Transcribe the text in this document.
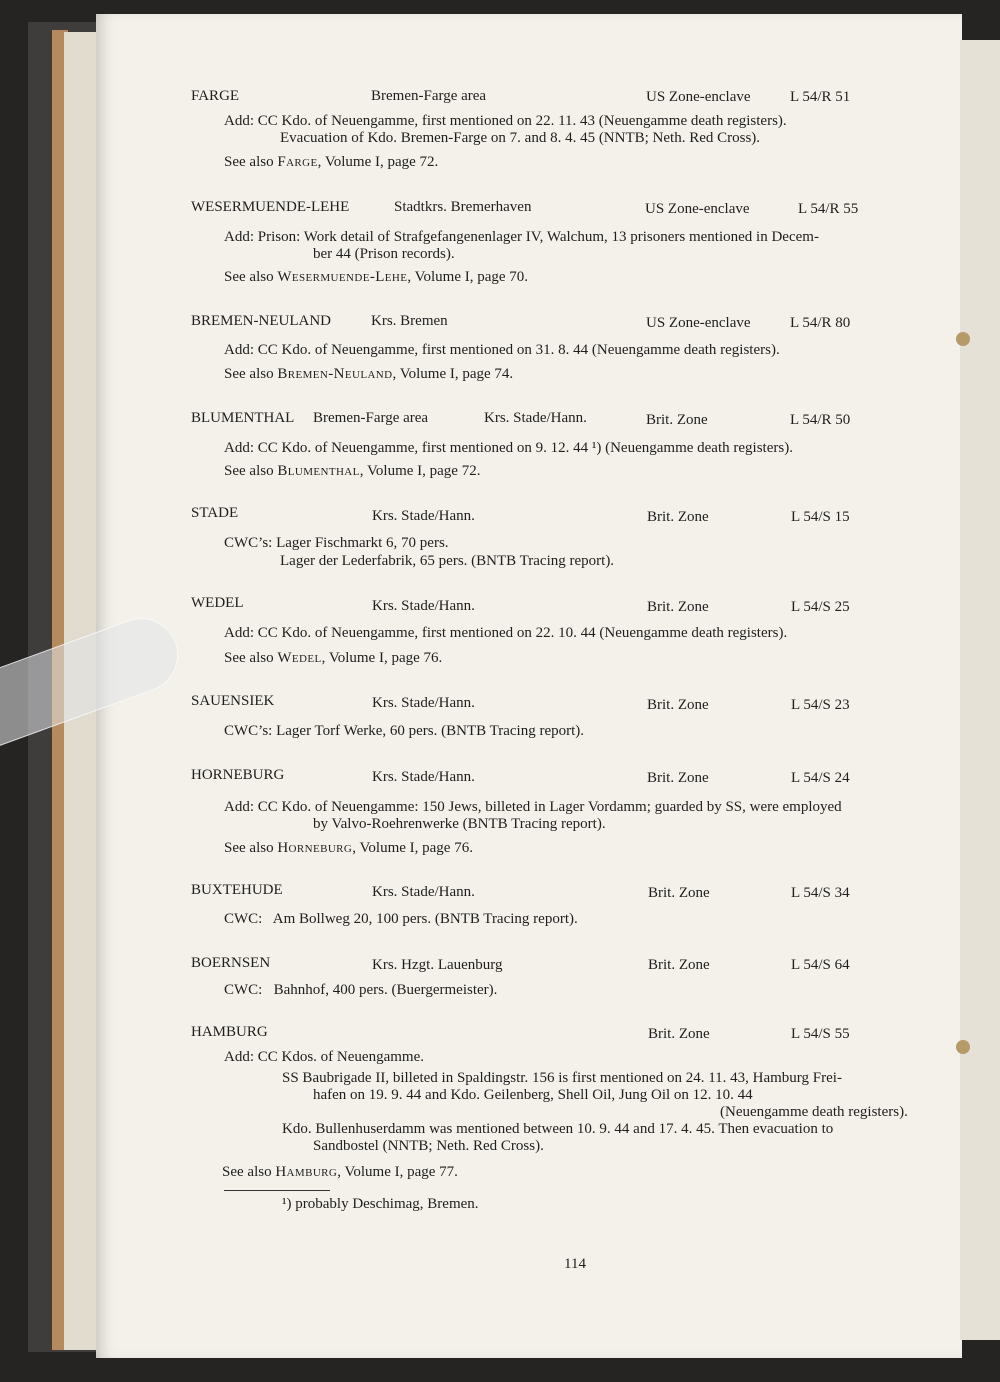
FARGE	Bremen-Farge area	US Zone-enclave	L 54/R 51
Add: CC Kdo. of Neuengamme, first mentioned on 22. 11. 43 (Neuengamme death registers).
Evacuation of Kdo. Bremen-Farge on 7. and 8. 4. 45 (NNTB; Neth. Red Cross).
See also Farge, Volume I, page 72.
WESERMUENDE-LEHE	Stadtkrs. Bremerhaven	US Zone-enclave	L 54/R 55
Add: Prison: Work detail of Strafgefangenenlager IV, Walchum, 13 prisoners mentioned in Decem-
ber 44 (Prison records).
See also Wesermuende-Lehe, Volume I, page 70.
BREMEN-NEULAND	Krs. Bremen	US Zone-enclave	L 54/R 80
Add: CC Kdo. of Neuengamme, first mentioned on 31. 8. 44 (Neuengamme death registers).
See also Bremen-Neuland, Volume I, page 74.
BLUMENTHAL Bremen-Farge area	Krs. Stade/Hann.	Brit. Zone	L 54/R 50
Add: CC Kdo. of Neuengamme, first mentioned on 9. 12. 44 ¹) (Neuengamme death registers).
See also Blumenthal, Volume I, page 72.
STADE	Krs. Stade/Hann.	Brit. Zone	L 54/S 15
CWC’s: Lager Fischmarkt 6, 70 pers.
Lager der Lederfabrik, 65 pers. (BNTB Tracing report).
WEDEL	Krs. Stade/Hann.	Brit. Zone	L 54/S 25
Add: CC Kdo. of Neuengamme, first mentioned on 22. 10. 44 (Neuengamme death registers).
See also Wedel, Volume I, page 76.
SAUENSIEK	Krs. Stade/Hann.	Brit. Zone	L 54/S 23
CWC’s: Lager Torf Werke, 60 pers. (BNTB Tracing report).
HORNEBURG	Krs. Stade/Hann.	Brit. Zone	L 54/S 24
Add: CC Kdo. of Neuengamme: 150 Jews, billeted in Lager Vordamm; guarded by SS, were employed
by Valvo-Roehrenwerke (BNTB Tracing report).
See also Horneburg, Volume I, page 76.
BUXTEHUDE	Krs. Stade/Hann.	Brit. Zone	L 54/S 34
CWC:   Am Bollweg 20, 100 pers. (BNTB Tracing report).
BOERNSEN	Krs. Hzgt. Lauenburg	Brit. Zone	L 54/S 64
CWC:   Bahnhof, 400 pers. (Buergermeister).
HAMBURG	Brit. Zone	L 54/S 55
Add: CC Kdos. of Neuengamme.
SS Baubrigade II, billeted in Spaldingstr. 156 is first mentioned on 24. 11. 43, Hamburg Frei-
hafen on 19. 9. 44 and Kdo. Geilenberg, Shell Oil, Jung Oil on 12. 10. 44
(Neuengamme death registers).
Kdo. Bullenhuserdamm was mentioned between 10. 9. 44 and 17. 4. 45. Then evacuation to
Sandbostel (NNTB; Neth. Red Cross).
See also Hamburg, Volume I, page 77.
¹) probably Deschimag, Bremen.
114
